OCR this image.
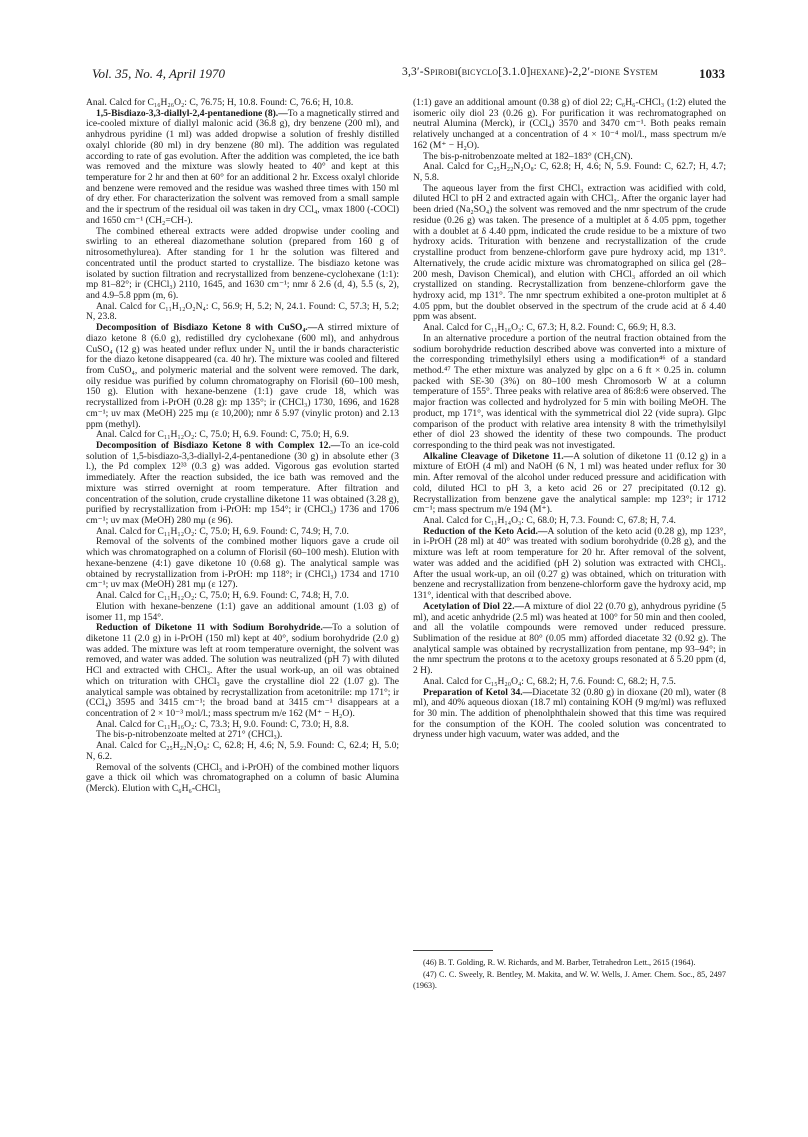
Vol. 35, No. 4, April 1970	3,3′-Spirobi(bicyclo[3.1.0]hexane)-2,2′-dione System	1033

Anal. Calcd for C₁₆H₂₆O₂: C, 76.75; H, 10.8. Found: C, 76.6; H, 10.8.

1,5-Bisdiazo-3,3-diallyl-2,4-pentanedione (8).—To a magnetically stirred and ice-cooled mixture of diallyl malonic acid (36.8 g), dry benzene (200 ml), and anhydrous pyridine (1 ml) was added dropwise a solution of freshly distilled oxalyl chloride (80 ml) in dry benzene (80 ml). The addition was regulated according to rate of gas evolution. After the addition was completed, the ice bath was removed and the mixture was slowly heated to 40° and kept at this temperature for 2 hr and then at 60° for an additional 2 hr. Excess oxalyl chloride and benzene were removed and the residue was washed three times with 150 ml of dry ether. For characterization the solvent was removed from a small sample and the ir spectrum of the residual oil was taken in dry CCl₄, νmax 1800 (-COCl) and 1650 cm⁻¹ (CH₂=CH-).

The combined ethereal extracts were added dropwise under cooling and swirling to an ethereal diazomethane solution (prepared from 160 g of nitrosomethylurea). After standing for 1 hr the solution was filtered and concentrated until the product started to crystallize. The bisdiazo ketone was isolated by suction filtration and recrystallized from benzene-cyclohexane (1:1): mp 81–82°; ir (CHCl₃) 2110, 1645, and 1630 cm⁻¹; nmr δ 2.6 (d, 4), 5.5 (s, 2), and 4.9–5.8 ppm (m, 6).

Anal. Calcd for C₁₁H₁₂O₂N₄: C, 56.9; H, 5.2; N, 24.1. Found: C, 57.3; H, 5.2; N, 23.8.

Decomposition of Bisdiazo Ketone 8 with CuSO₄.—A stirred mixture of diazo ketone 8 (6.0 g), redistilled dry cyclohexane (600 ml), and anhydrous CuSO₄ (12 g) was heated under reflux under N₂ until the ir bands characteristic for the diazo ketone disappeared (ca. 40 hr). The mixture was cooled and filtered from CuSO₄, and polymeric material and the solvent were removed. The dark, oily residue was purified by column chromatography on Florisil (60–100 mesh, 150 g). Elution with hexane-benzene (1:1) gave crude 18, which was recrystallized from i-PrOH (0.28 g): mp 135°; ir (CHCl₃) 1730, 1696, and 1628 cm⁻¹; uv max (MeOH) 225 mμ (ε 10,200); nmr δ 5.97 (vinylic proton) and 2.13 ppm (methyl).

Anal. Calcd for C₁₁H₁₂O₂: C, 75.0; H, 6.9. Found: C, 75.0; H, 6.9.

Decomposition of Bisdiazo Ketone 8 with Complex 12.—To an ice-cold solution of 1,5-bisdiazo-3,3-diallyl-2,4-pentanedione (30 g) in absolute ether (3 l.), the Pd complex 12³³ (0.3 g) was added. Vigorous gas evolution started immediately. After the reaction subsided, the ice bath was removed and the mixture was stirred overnight at room temperature. After filtration and concentration of the solution, crude crystalline diketone 11 was obtained (3.28 g), purified by recrystallization from i-PrOH: mp 154°; ir (CHCl₃) 1736 and 1706 cm⁻¹; uv max (MeOH) 280 mμ (ε 96).

Anal. Calcd for C₁₁H₁₂O₂: C, 75.0; H, 6.9. Found: C, 74.9; H, 7.0.

Removal of the solvents of the combined mother liquors gave a crude oil which was chromatographed on a column of Florisil (60–100 mesh). Elution with hexane-benzene (4:1) gave diketone 10 (0.68 g). The analytical sample was obtained by recrystallization from i-PrOH: mp 118°; ir (CHCl₃) 1734 and 1710 cm⁻¹; uv max (MeOH) 281 mμ (ε 127).

Anal. Calcd for C₁₁H₁₂O₂: C, 75.0; H, 6.9. Found: C, 74.8; H, 7.0.

Elution with hexane-benzene (1:1) gave an additional amount (1.03 g) of isomer 11, mp 154°.

Reduction of Diketone 11 with Sodium Borohydride.—To a solution of diketone 11 (2.0 g) in i-PrOH (150 ml) kept at 40°, sodium borohydride (2.0 g) was added. The mixture was left at room temperature overnight, the solvent was removed, and water was added. The solution was neutralized (pH 7) with diluted HCl and extracted with CHCl₃. After the usual work-up, an oil was obtained which on trituration with CHCl₃ gave the crystalline diol 22 (1.07 g). The analytical sample was obtained by recrystallization from acetonitrile: mp 171°; ir (CCl₄) 3595 and 3415 cm⁻¹; the broad band at 3415 cm⁻¹ disappears at a concentration of 2 × 10⁻³ mol/l.; mass spectrum m/e 162 (M⁺ − H₂O).

Anal. Calcd for C₁₁H₁₆O₂: C, 73.3; H, 9.0. Found: C, 73.0; H, 8.8.

The bis-p-nitrobenzoate melted at 271° (CHCl₃).

Anal. Calcd for C₂₅H₂₂N₂O₈: C, 62.8; H, 4.6; N, 5.9. Found: C, 62.4; H, 5.0; N, 6.2.

Removal of the solvents (CHCl₃ and i-PrOH) of the combined mother liquors gave a thick oil which was chromatographed on a column of basic Alumina (Merck). Elution with C₆H₆-CHCl₃

(1:1) gave an additional amount (0.38 g) of diol 22; C₆H₆-CHCl₃ (1:2) eluted the isomeric oily diol 23 (0.26 g). For purification it was rechromatographed on neutral Alumina (Merck), ir (CCl₄) 3570 and 3470 cm⁻¹. Both peaks remain relatively unchanged at a concentration of 4 × 10⁻⁴ mol/l., mass spectrum m/e 162 (M⁺ − H₂O).

The bis-p-nitrobenzoate melted at 182–183° (CH₃CN).

Anal. Calcd for C₂₅H₂₂N₂O₈: C, 62.8; H, 4.6; N, 5.9. Found: C, 62.7; H, 4.7; N, 5.8.

The aqueous layer from the first CHCl₃ extraction was acidified with cold, diluted HCl to pH 2 and extracted again with CHCl₃. After the organic layer had been dried (Na₂SO₄) the solvent was removed and the nmr spectrum of the crude residue (0.26 g) was taken. The presence of a multiplet at δ 4.05 ppm, together with a doublet at δ 4.40 ppm, indicated the crude residue to be a mixture of two hydroxy acids. Trituration with benzene and recrystallization of the crude crystalline product from benzene-chlorform gave pure hydroxy acid, mp 131°. Alternatively, the crude acidic mixture was chromatographed on silica gel (28–200 mesh, Davison Chemical), and elution with CHCl₃ afforded an oil which crystallized on standing. Recrystallization from benzene-chlorform gave the hydroxy acid, mp 131°. The nmr spectrum exhibited a one-proton multiplet at δ 4.05 ppm, but the doublet observed in the spectrum of the crude acid at δ 4.40 ppm was absent.

Anal. Calcd for C₁₁H₁₆O₃: C, 67.3; H, 8.2. Found: C, 66.9; H, 8.3.

In an alternative procedure a portion of the neutral fraction obtained from the sodium borohydride reduction described above was converted into a mixture of the corresponding trimethylsilyl ethers using a modification⁴⁶ of a standard method.⁴⁷ The ether mixture was analyzed by glpc on a 6 ft × 0.25 in. column packed with SE-30 (3%) on 80–100 mesh Chromosorb W at a column temperature of 155°. Three peaks with relative area of 86:8:6 were observed. The major fraction was collected and hydrolyzed for 5 min with boiling MeOH. The product, mp 171°, was identical with the symmetrical diol 22 (vide supra). Glpc comparison of the product with relative area intensity 8 with the trimethylsilyl ether of diol 23 showed the identity of these two compounds. The product corresponding to the third peak was not investigated.

Alkaline Cleavage of Diketone 11.—A solution of diketone 11 (0.12 g) in a mixture of EtOH (4 ml) and NaOH (6 N, 1 ml) was heated under reflux for 30 min. After removal of the alcohol under reduced pressure and acidification with cold, diluted HCl to pH 3, a keto acid 26 or 27 precipitated (0.12 g). Recrystallization from benzene gave the analytical sample: mp 123°; ir 1712 cm⁻¹; mass spectrum m/e 194 (M⁺).

Anal. Calcd for C₁₁H₁₄O₃: C, 68.0; H, 7.3. Found: C, 67.8; H, 7.4.

Reduction of the Keto Acid.—A solution of the keto acid (0.28 g), mp 123°, in i-PrOH (28 ml) at 40° was treated with sodium borohydride (0.28 g), and the mixture was left at room temperature for 20 hr. After removal of the solvent, water was added and the acidified (pH 2) solution was extracted with CHCl₃. After the usual work-up, an oil (0.27 g) was obtained, which on trituration with benzene and recrystallization from benzene-chlorform gave the hydroxy acid, mp 131°, identical with that described above.

Acetylation of Diol 22.—A mixture of diol 22 (0.70 g), anhydrous pyridine (5 ml), and acetic anhydride (2.5 ml) was heated at 100° for 50 min and then cooled, and all the volatile compounds were removed under reduced pressure. Sublimation of the residue at 80° (0.05 mm) afforded diacetate 32 (0.92 g). The analytical sample was obtained by recrystallization from pentane, mp 93–94°; in the nmr spectrum the protons α to the acetoxy groups resonated at δ 5.20 ppm (d, 2 H).

Anal. Calcd for C₁₅H₂₀O₄: C, 68.2; H, 7.6. Found: C, 68.2; H, 7.5.

Preparation of Ketol 34.—Diacetate 32 (0.80 g) in dioxane (20 ml), water (8 ml), and 40% aqueous dioxan (18.7 ml) containing KOH (9 mg/ml) was refluxed for 30 min. The addition of phenolphthalein showed that this time was required for the consumption of the KOH. The cooled solution was concentrated to dryness under high vacuum, water was added, and the

(46) B. T. Golding, R. W. Richards, and M. Barber, Tetrahedron Lett., 2615 (1964).

(47) C. C. Sweely, R. Bentley, M. Makita, and W. W. Wells, J. Amer. Chem. Soc., 85, 2497 (1963).
